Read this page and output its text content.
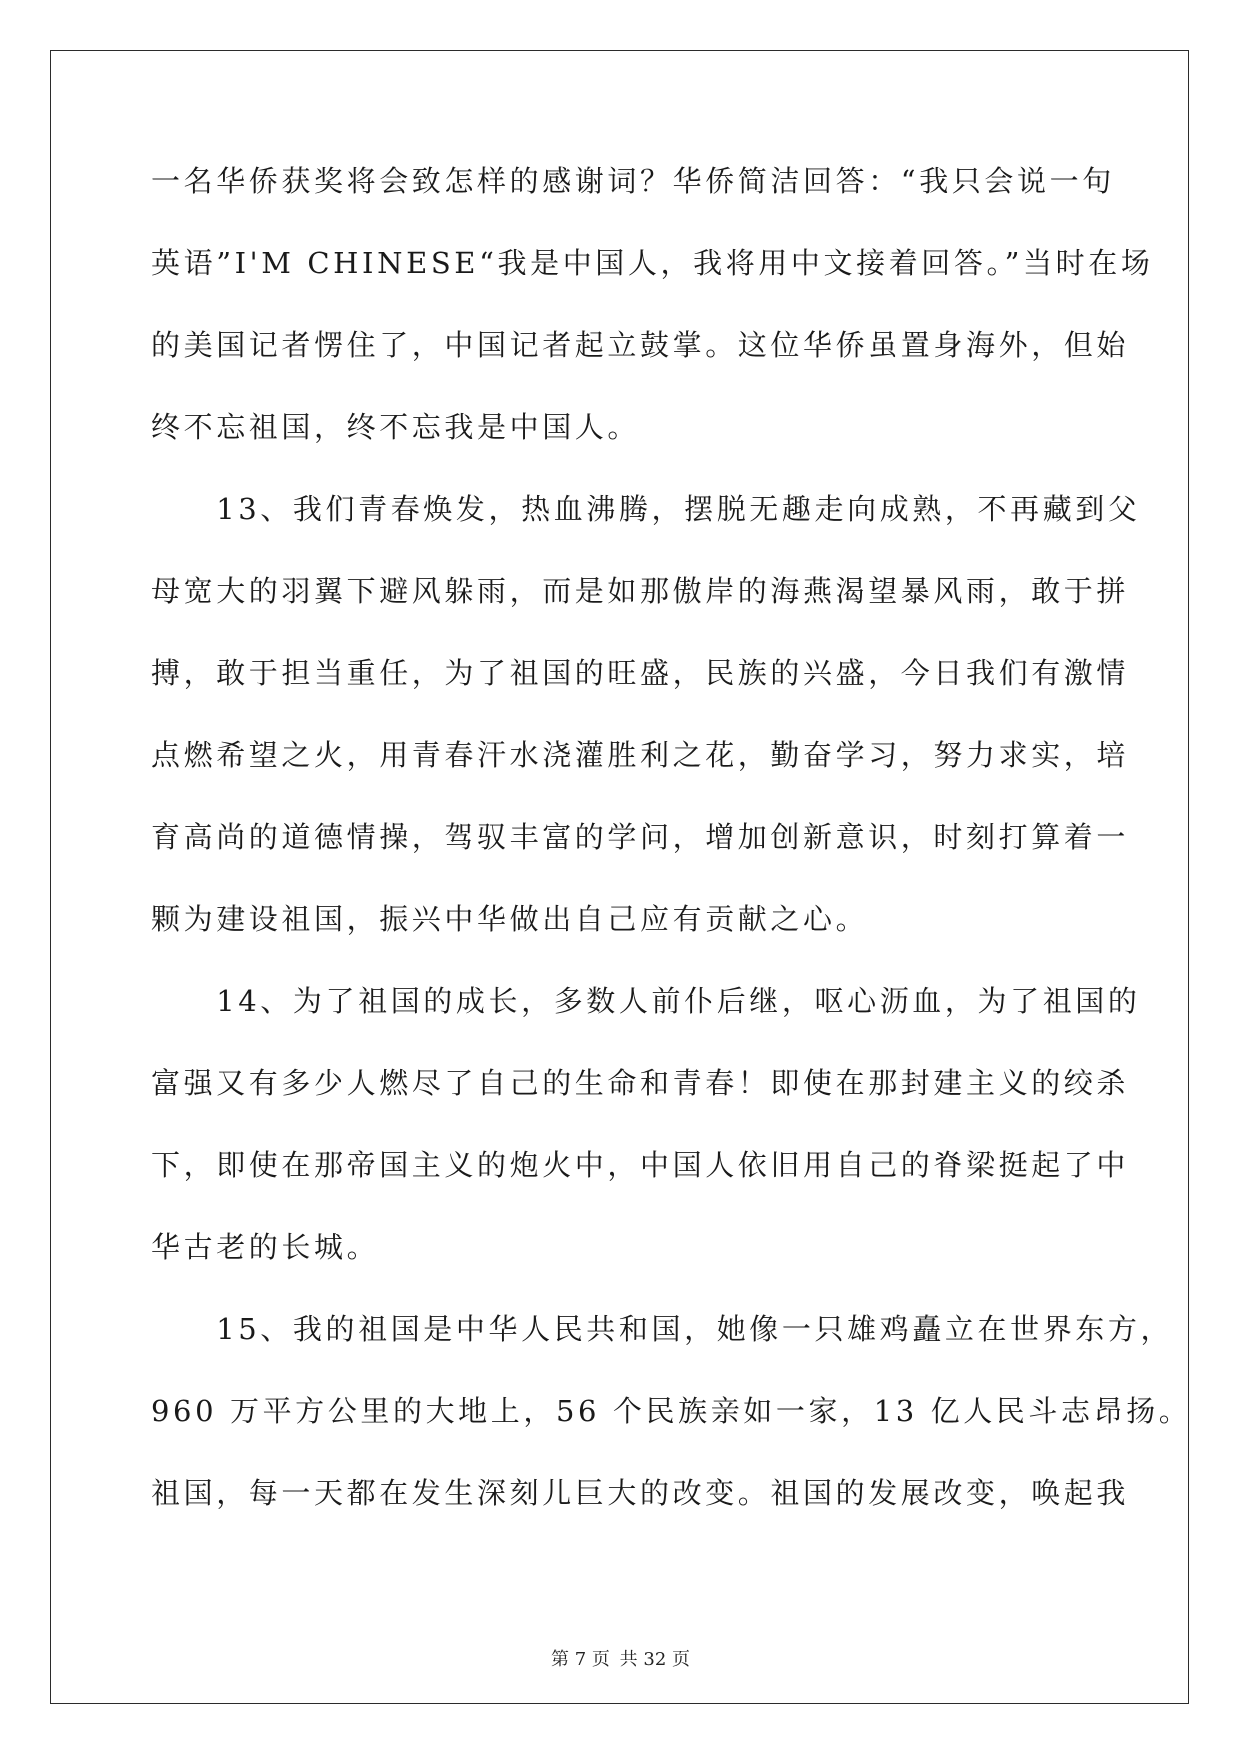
一名华侨获奖将会致怎样的感谢词？华侨简洁回答：“我只会说一句
英语”I'M CHINESE“我是中国人，我将用中文接着回答。”当时在场
的美国记者愣住了，中国记者起立鼓掌。这位华侨虽置身海外，但始
终不忘祖国，终不忘我是中国人。
　　13、我们青春焕发，热血沸腾，摆脱无趣走向成熟，不再藏到父
母宽大的羽翼下避风躲雨，而是如那傲岸的海燕渴望暴风雨，敢于拼
搏，敢于担当重任，为了祖国的旺盛，民族的兴盛，今日我们有激情
点燃希望之火，用青春汗水浇灌胜利之花，勤奋学习，努力求实，培
育高尚的道德情操，驾驭丰富的学问，增加创新意识，时刻打算着一
颗为建设祖国，振兴中华做出自己应有贡献之心。
　　14、为了祖国的成长，多数人前仆后继，呕心沥血，为了祖国的
富强又有多少人燃尽了自己的生命和青春！即使在那封建主义的绞杀
下，即使在那帝国主义的炮火中，中国人依旧用自己的脊梁挺起了中
华古老的长城。
　　15、我的祖国是中华人民共和国，她像一只雄鸡矗立在世界东方，
960 万平方公里的大地上，56 个民族亲如一家，13 亿人民斗志昂扬。
祖国，每一天都在发生深刻儿巨大的改变。祖国的发展改变，唤起我
第 7 页 共 32 页
